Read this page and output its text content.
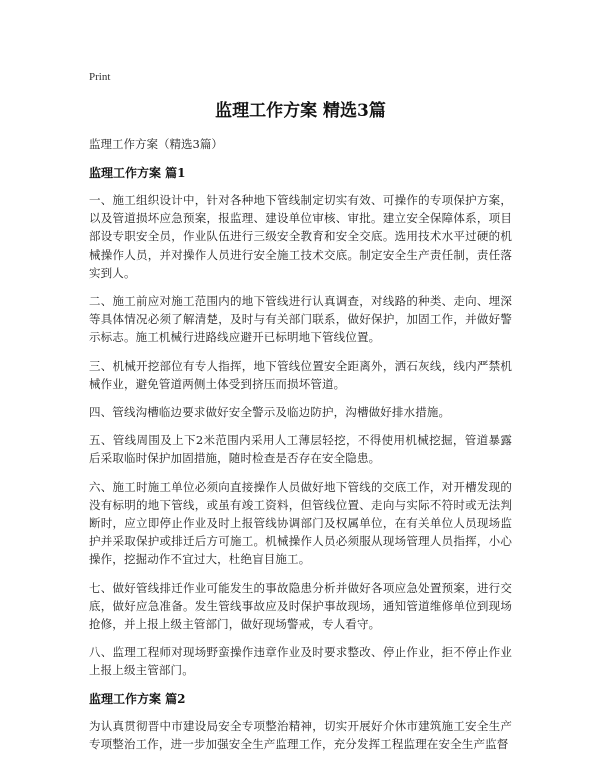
Print
监理工作方案 精选3篇
监理工作方案（精选3篇）
监理工作方案 篇1

一、施工组织设计中，针对各种地下管线制定切实有效、可操作的专项保护方案，以及管道损坏应急预案，报监理、建设单位审核、审批。建立安全保障体系，项目部设专职安全员，作业队伍进行三级安全教育和安全交底。选用技术水平过硬的机械操作人员，并对操作人员进行安全施工技术交底。制定安全生产责任制，责任落实到人。

二、施工前应对施工范围内的地下管线进行认真调查，对线路的种类、走向、埋深等具体情况必须了解清楚，及时与有关部门联系，做好保护，加固工作，并做好警示标志。施工机械行进路线应避开已标明地下管线位置。

三、机械开挖部位有专人指挥，地下管线位置安全距离外，洒石灰线，线内严禁机械作业，避免管道两侧土体受到挤压而损坏管道。

四、管线沟槽临边要求做好安全警示及临边防护，沟槽做好排水措施。

五、管线周围及上下2米范围内采用人工薄层轻挖，不得使用机械挖掘，管道暴露后采取临时保护加固措施，随时检查是否存在安全隐患。

六、施工时施工单位必须向直接操作人员做好地下管线的交底工作，对开槽发现的没有标明的地下管线，或虽有竣工资料，但管线位置、走向与实际不符时或无法判断时，应立即停止作业及时上报管线协调部门及权属单位，在有关单位人员现场监护并采取保护或排迁后方可施工。机械操作人员必须服从现场管理人员指挥，小心操作，挖掘动作不宜过大，杜绝盲目施工。

七、做好管线排迁作业可能发生的事故隐患分析并做好各项应急处置预案，进行交底，做好应急准备。发生管线事故应及时保护事故现场，通知管道维修单位到现场抢修，并上报上级主管部门，做好现场警戒，专人看守。

八、监理工程师对现场野蛮操作违章作业及时要求整改、停止作业，拒不停止作业上报上级主管部门。

监理工作方案 篇2

为认真贯彻晋中市建设局安全专项整治精神，切实开展好介休市建筑施工安全生产专项整治工作，进一步加强安全生产监理工作，充分发挥工程监理在安全生产监督
